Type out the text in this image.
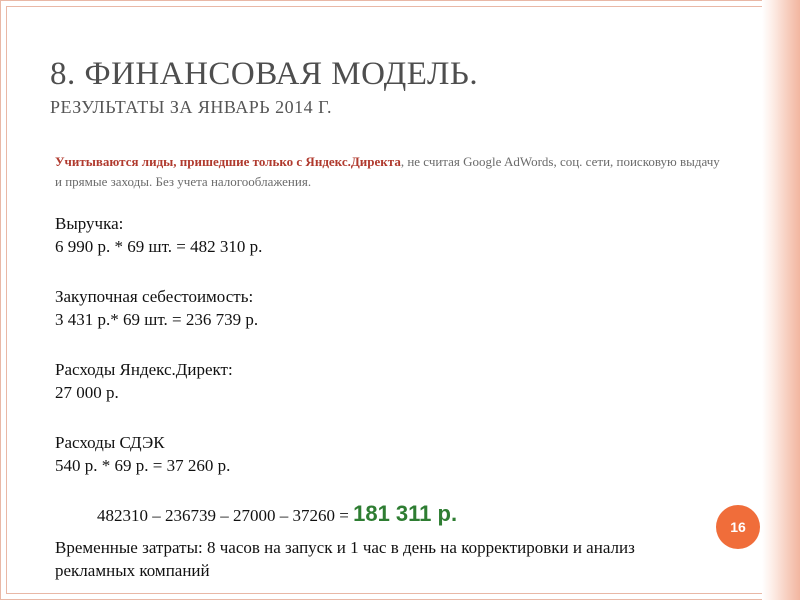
8. ФИНАНСОВАЯ МОДЕЛЬ.
РЕЗУЛЬТАТЫ ЗА ЯНВАРЬ 2014 Г.
Учитываются лиды, пришедшие только с Яндекс.Директа, не считая Google AdWords, соц. сети, поисковую выдачу и прямые заходы. Без учета налогооблажения.
Выручка:
6 990 р. * 69 шт. = 482 310 р.
Закупочная себестоимость:
3 431 р.* 69 шт. = 236 739 р.
Расходы Яндекс.Директ:
27 000 р.
Расходы СДЭК
540 р. * 69 р. = 37 260 р.
482310 – 236739 – 27000 – 37260 = 181 311 р.
Временные затраты: 8 часов на запуск и 1 час в день на корректировки и анализ рекламных компаний
16
